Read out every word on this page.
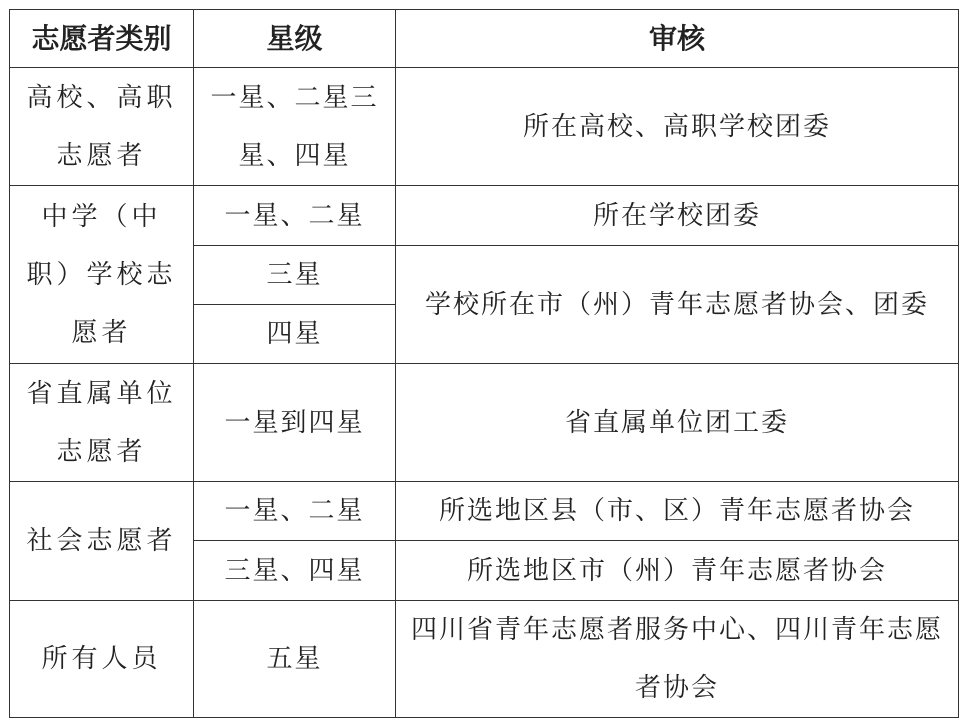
志愿者类别	星级	审核
高校、高职志愿者	一星、二星三星、四星	所在高校、高职学校团委
中学（中职）学校志愿者	一星、二星	所在学校团委
	三星	学校所在市（州）青年志愿者协会、团委
	四星	
省直属单位志愿者	一星到四星	省直属单位团工委
社会志愿者	一星、二星	所选地区县（市、区）青年志愿者协会
	三星、四星	所选地区市（州）青年志愿者协会
所有人员	五星	四川省青年志愿者服务中心、四川青年志愿者协会
